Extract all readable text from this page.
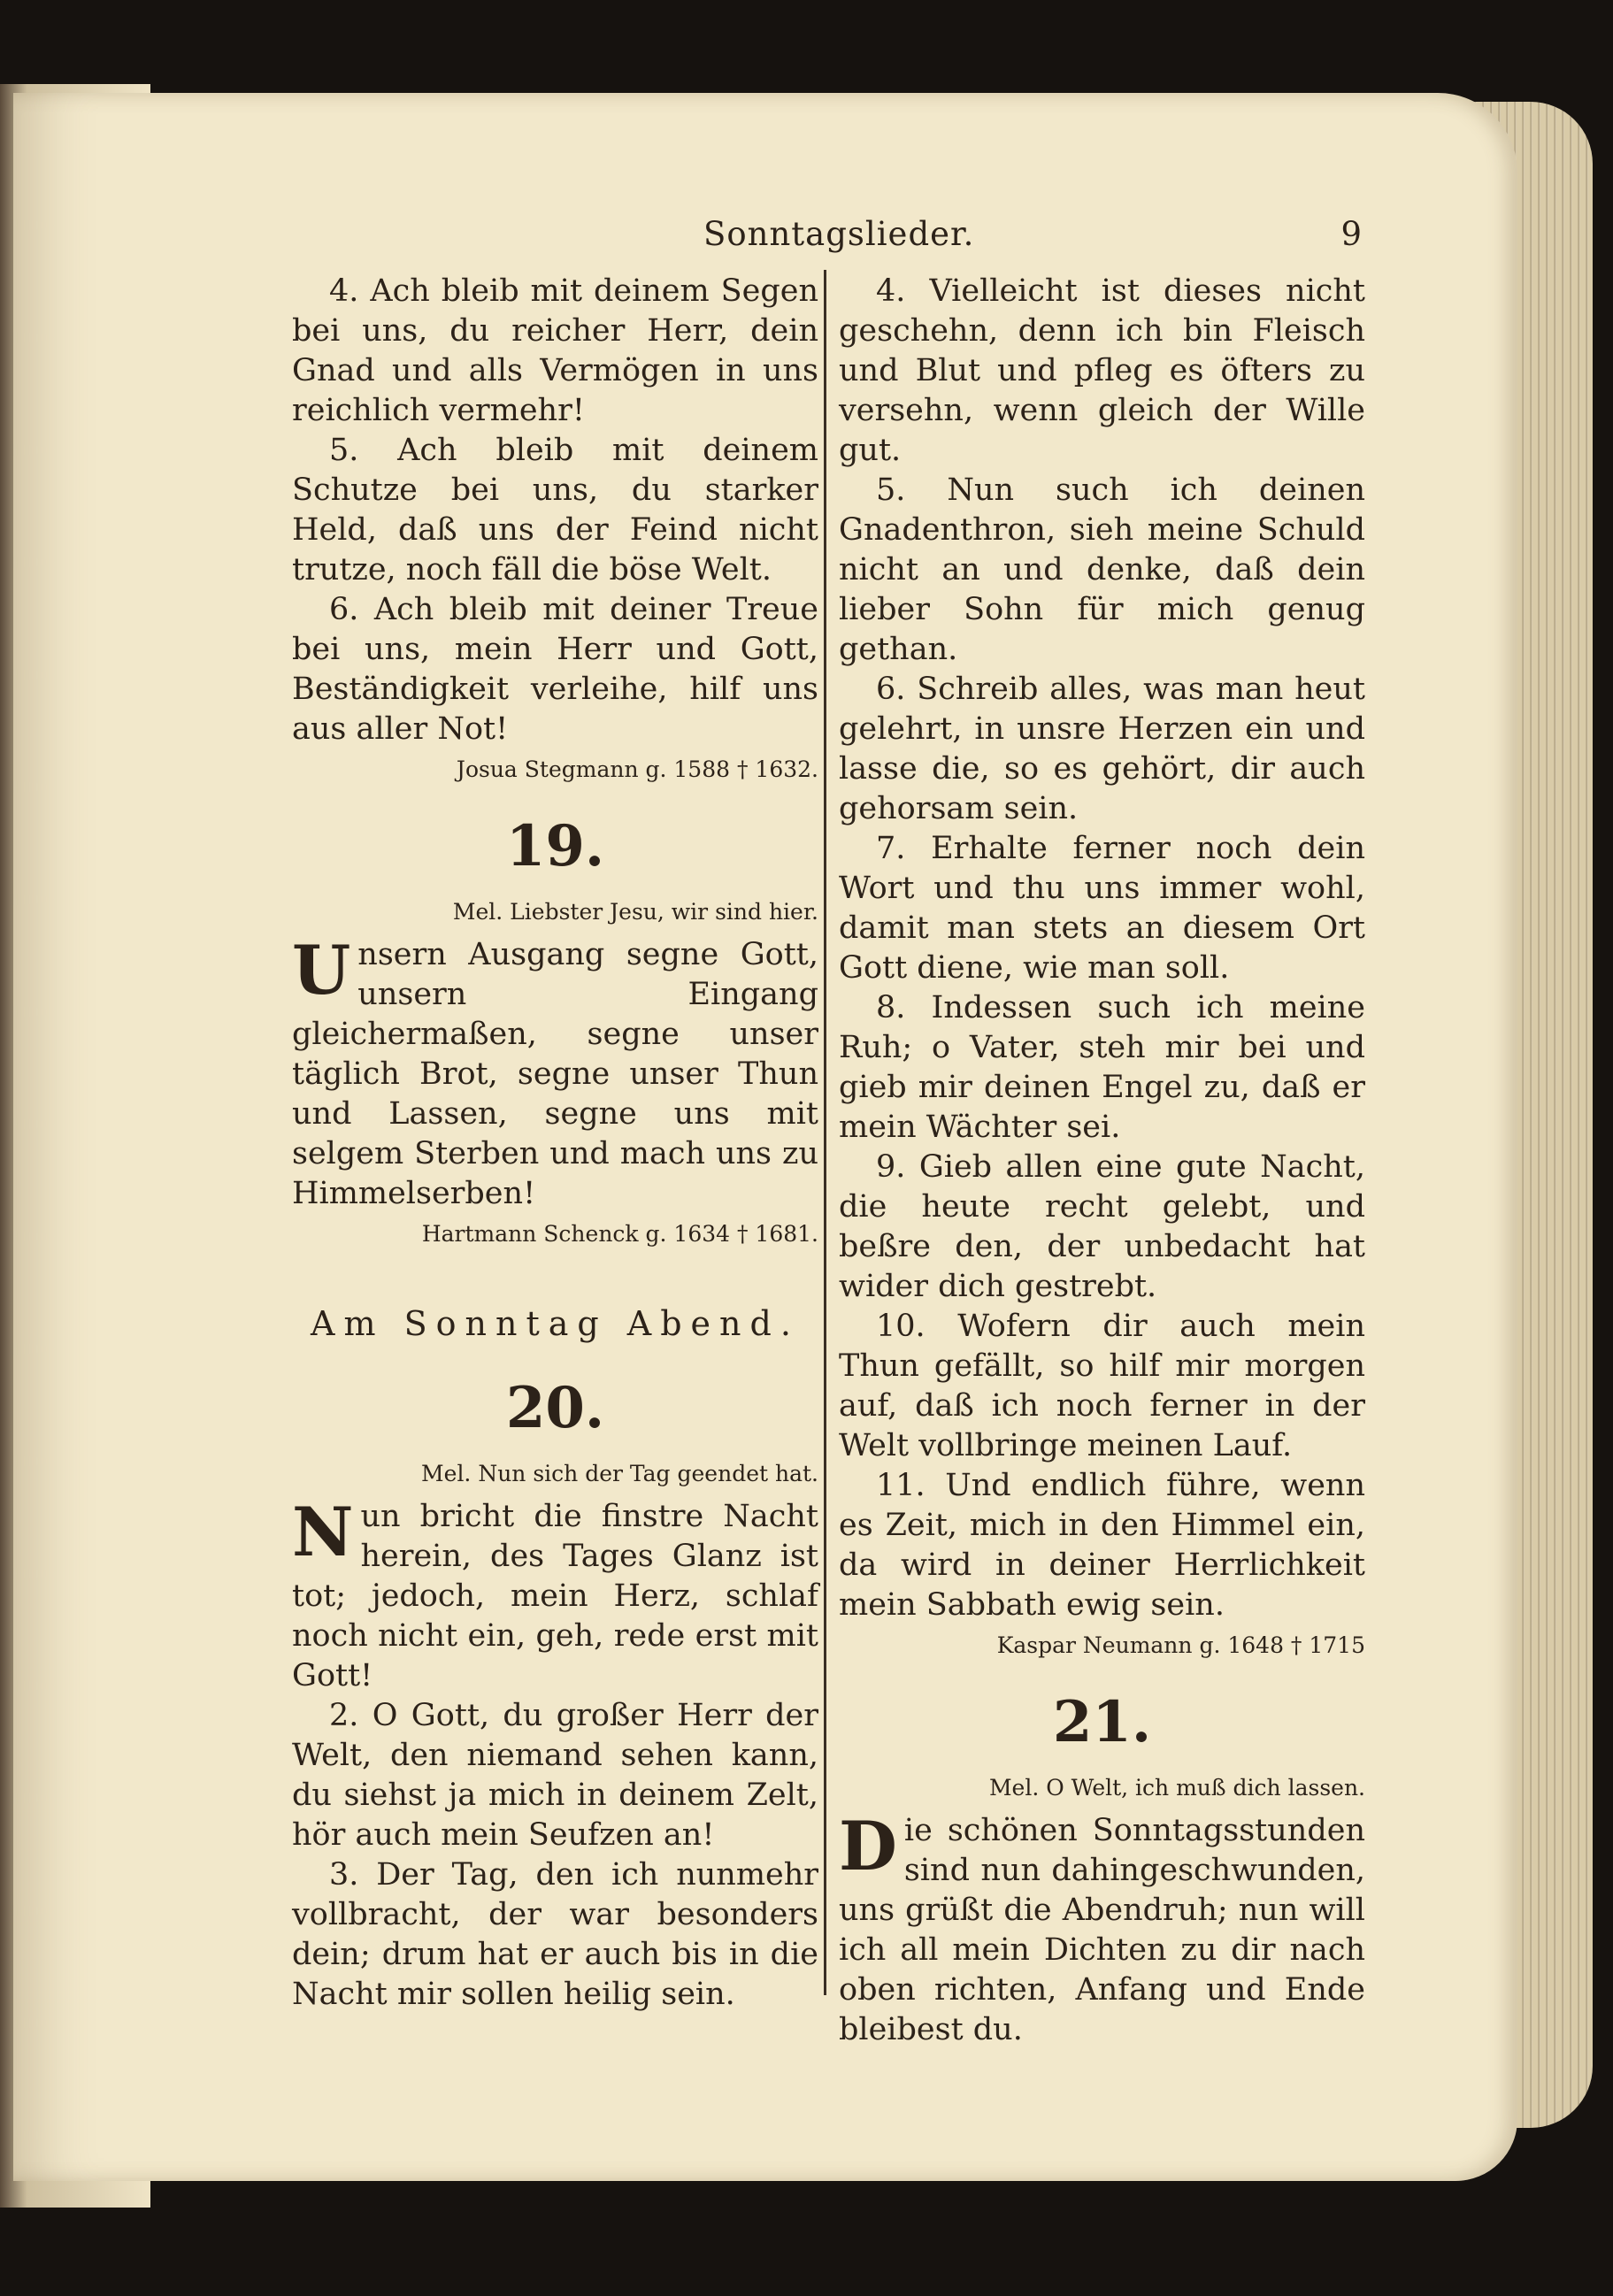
Sonntagslieder.	9

4. Ach bleib mit deinem Segen bei uns, du reicher Herr, dein Gnad und alls Vermögen in uns reichlich vermehr!

5. Ach bleib mit deinem Schutze bei uns, du starker Held, daß uns der Feind nicht trutze, noch fäll die böse Welt.

6. Ach bleib mit deiner Treue bei uns, mein Herr und Gott, Beständigkeit verleihe, hilf uns aus aller Not!

Josua Stegmann g. 1588 † 1632.

19.

Mel. Liebster Jesu, wir sind hier.

Unsern Ausgang segne Gott, unsern Eingang gleichermaßen, segne unser täglich Brot, segne unser Thun und Lassen, segne uns mit selgem Sterben und mach uns zu Himmelserben!

Hartmann Schenck g. 1634 † 1681.

Am Sonntag Abend.
20.

Mel. Nun sich der Tag geendet hat.

Nun bricht die finstre Nacht herein, des Tages Glanz ist tot; jedoch, mein Herz, schlaf noch nicht ein, geh, rede erst mit Gott!

2. O Gott, du großer Herr der Welt, den niemand sehen kann, du siehst ja mich in deinem Zelt, hör auch mein Seufzen an!

3. Der Tag, den ich nunmehr vollbracht, der war besonders dein; drum hat er auch bis in die Nacht mir sollen heilig sein.

4. Vielleicht ist dieses nicht geschehn, denn ich bin Fleisch und Blut und pfleg es öfters zu versehn, wenn gleich der Wille gut.

5. Nun such ich deinen Gnadenthron, sieh meine Schuld nicht an und denke, daß dein lieber Sohn für mich genug gethan.

6. Schreib alles, was man heut gelehrt, in unsre Herzen ein und lasse die, so es gehört, dir auch gehorsam sein.

7. Erhalte ferner noch dein Wort und thu uns immer wohl, damit man stets an diesem Ort Gott diene, wie man soll.

8. Indessen such ich meine Ruh; o Vater, steh mir bei und gieb mir deinen Engel zu, daß er mein Wächter sei.

9. Gieb allen eine gute Nacht, die heute recht gelebt, und beßre den, der unbedacht hat wider dich gestrebt.

10. Wofern dir auch mein Thun gefällt, so hilf mir morgen auf, daß ich noch ferner in der Welt vollbringe meinen Lauf.

11. Und endlich führe, wenn es Zeit, mich in den Himmel ein, da wird in deiner Herrlichkeit mein Sabbath ewig sein.

Kaspar Neumann g. 1648 † 1715

21.

Mel. O Welt, ich muß dich lassen.

Die schönen Sonntagsstunden sind nun dahingeschwunden, uns grüßt die Abendruh; nun will ich all mein Dichten zu dir nach oben richten, Anfang und Ende bleibest du.
